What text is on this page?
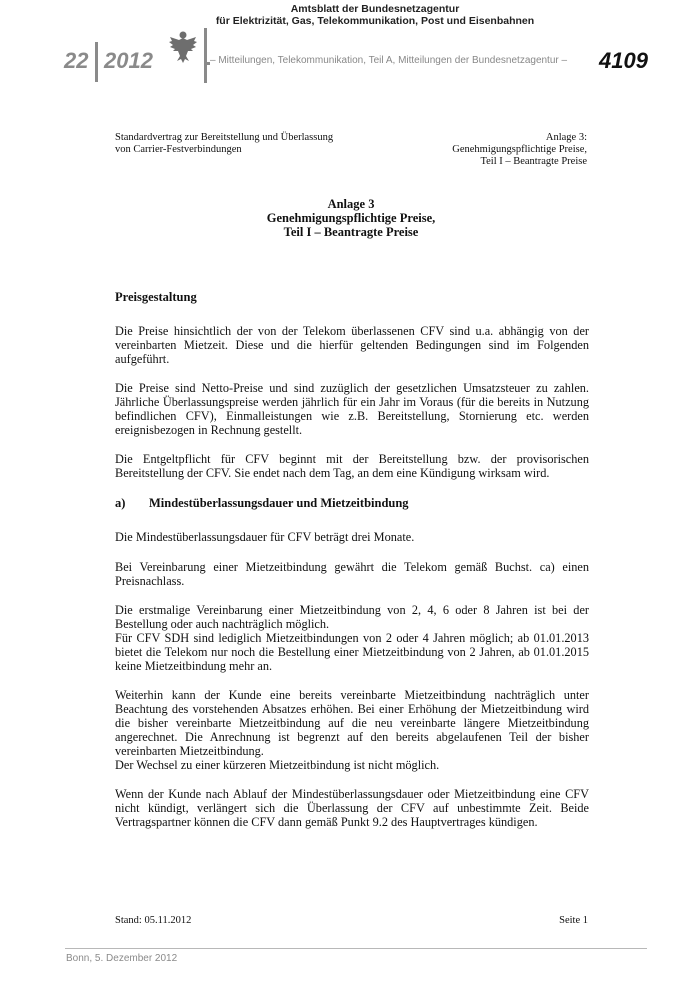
22 2012
Amtsblatt der Bundesnetzagentur
für Elektrizität, Gas, Telekommunikation, Post und Eisenbahnen
– Mitteilungen, Telekommunikation, Teil A, Mitteilungen der Bundesnetzagentur – 4109
Standardvertrag zur Bereitstellung und Überlassung
von Carrier-Festverbindungen
Anlage 3:
Genehmigungspflichtige Preise,
Teil I – Beantragte Preise
Anlage 3
Genehmigungspflichtige Preise,
Teil I – Beantragte Preise
Preisgestaltung

Die Preise hinsichtlich der von der Telekom überlassenen CFV sind u.a. abhängig von der vereinbarten Mietzeit. Diese und die hierfür geltenden Bedingungen sind im Folgenden aufgeführt.

Die Preise sind Netto-Preise und sind zuzüglich der gesetzlichen Umsatzsteuer zu zahlen. Jährliche Überlassungspreise werden jährlich für ein Jahr im Voraus (für die bereits in Nutzung befindlichen CFV), Einmalleistungen wie z.B. Bereitstellung, Stornierung etc. werden ereignisbezogen in Rechnung gestellt.

Die Entgeltpflicht für CFV beginnt mit der Bereitstellung bzw. der provisorischen Bereitstellung der CFV. Sie endet nach dem Tag, an dem eine Kündigung wirksam wird.

a)	Mindestüberlassungsdauer und Mietzeitbindung

Die Mindestüberlassungsdauer für CFV beträgt drei Monate.

Bei Vereinbarung einer Mietzeitbindung gewährt die Telekom gemäß Buchst. ca) einen Preisnachlass.

Die erstmalige Vereinbarung einer Mietzeitbindung von 2, 4, 6 oder 8 Jahren ist bei der Bestellung oder auch nachträglich möglich.

Für CFV SDH sind lediglich Mietzeitbindungen von 2 oder 4 Jahren möglich; ab 01.01.2013 bietet die Telekom nur noch die Bestellung einer Mietzeitbindung von 2 Jahren, ab 01.01.2015 keine Mietzeitbindung mehr an.

Weiterhin kann der Kunde eine bereits vereinbarte Mietzeitbindung nachträglich unter Beachtung des vorstehenden Absatzes erhöhen. Bei einer Erhöhung der Mietzeitbindung wird die bisher vereinbarte Mietzeitbindung auf die neu vereinbarte längere Mietzeitbindung angerechnet. Die Anrechnung ist begrenzt auf den bereits abgelaufenen Teil der bisher vereinbarten Mietzeitbindung.

Der Wechsel zu einer kürzeren Mietzeitbindung ist nicht möglich.

Wenn der Kunde nach Ablauf der Mindestüberlassungsdauer oder Mietzeitbindung eine CFV nicht kündigt, verlängert sich die Überlassung der CFV auf unbestimmte Zeit. Beide Vertragspartner können die CFV dann gemäß Punkt 9.2 des Hauptvertrages kündigen.

Stand: 05.11.2012	Seite 1
Bonn, 5. Dezember 2012
